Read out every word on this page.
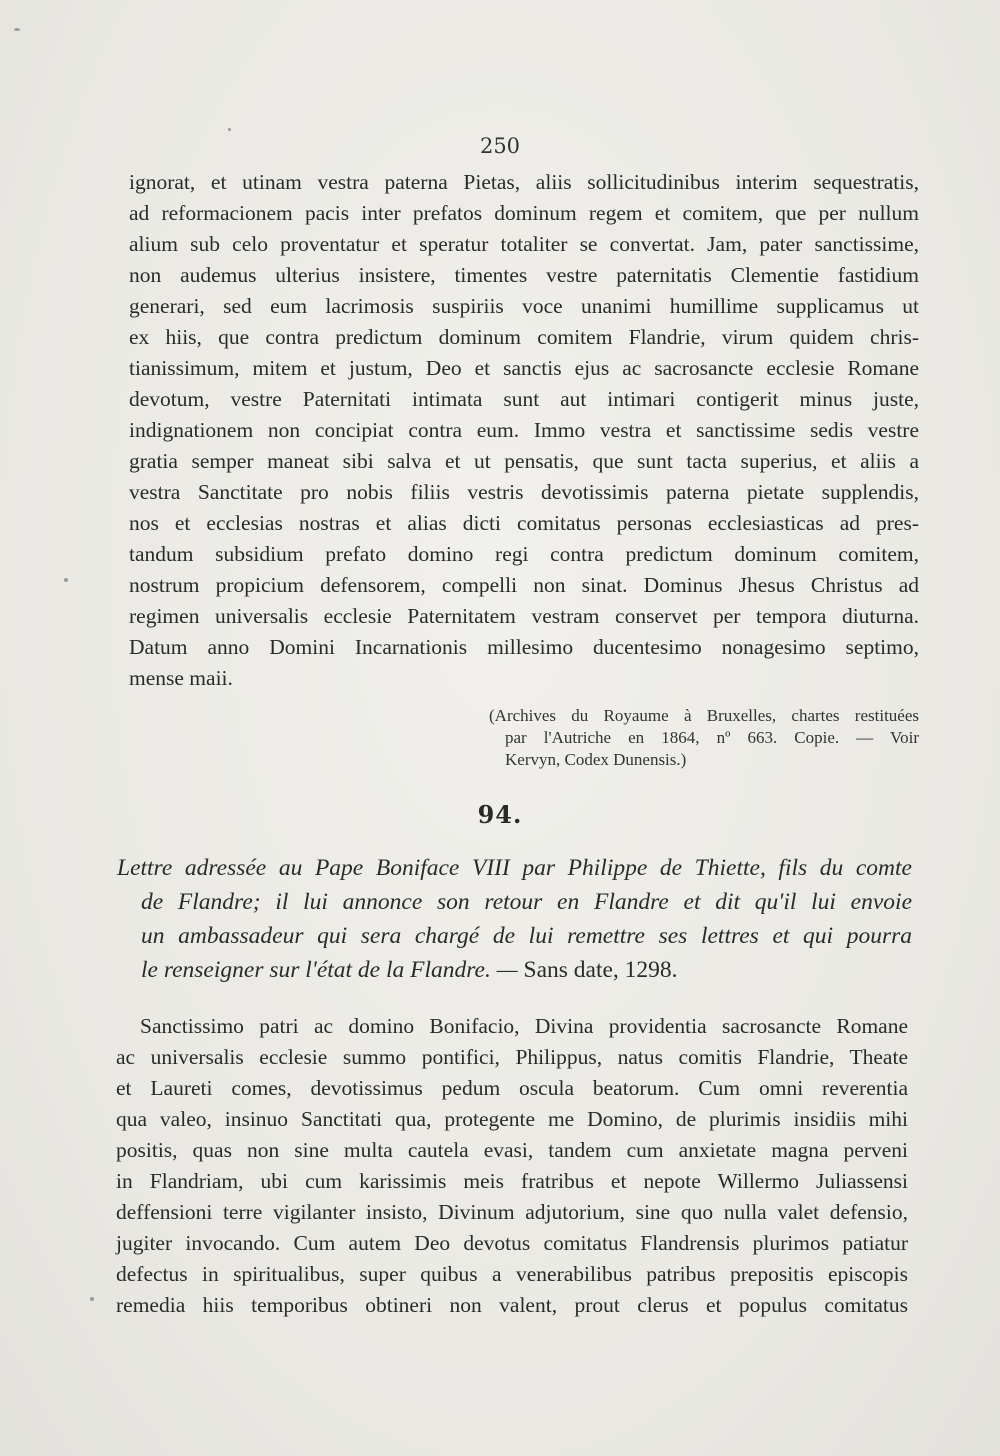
250
ignorat, et utinam vestra paterna Pietas, aliis sollicitudinibus interim sequestratis,
ad reformacionem pacis inter prefatos dominum regem et comitem, que per nullum
alium sub celo proventatur et speratur totaliter se convertat. Jam, pater sanctissime,
non audemus ulterius insistere, timentes vestre paternitatis Clementie fastidium
generari, sed eum lacrimosis suspiriis voce unanimi humillime supplicamus ut
ex hiis, que contra predictum dominum comitem Flandrie, virum quidem chris-
tianissimum, mitem et justum, Deo et sanctis ejus ac sacrosancte ecclesie Romane
devotum, vestre Paternitati intimata sunt aut intimari contigerit minus juste,
indignationem non concipiat contra eum. Immo vestra et sanctissime sedis vestre
gratia semper maneat sibi salva et ut pensatis, que sunt tacta superius, et aliis a
vestra Sanctitate pro nobis filiis vestris devotissimis paterna pietate supplendis,
nos et ecclesias nostras et alias dicti comitatus personas ecclesiasticas ad pres-
tandum subsidium prefato domino regi contra predictum dominum comitem,
nostrum propicium defensorem, compelli non sinat. Dominus Jhesus Christus ad
regimen universalis ecclesie Paternitatem vestram conservet per tempora diuturna.
Datum anno Domini Incarnationis millesimo ducentesimo nonagesimo septimo,
mense maii.
(Archives du Royaume à Bruxelles, chartes restituées
par l'Autriche en 1864, nº 663. Copie. — Voir
Kervyn, Codex Dunensis.)
94.
Lettre adressée au Pape Boniface VIII par Philippe de Thiette, fils du comte
de Flandre; il lui annonce son retour en Flandre et dit qu'il lui envoie
un ambassadeur qui sera chargé de lui remettre ses lettres et qui pourra
le renseigner sur l'état de la Flandre. — Sans date, 1298.
Sanctissimo patri ac domino Bonifacio, Divina providentia sacrosancte Romane
ac universalis ecclesie summo pontifici, Philippus, natus comitis Flandrie, Theate
et Laureti comes, devotissimus pedum oscula beatorum. Cum omni reverentia
qua valeo, insinuo Sanctitati qua, protegente me Domino, de plurimis insidiis mihi
positis, quas non sine multa cautela evasi, tandem cum anxietate magna perveni
in Flandriam, ubi cum karissimis meis fratribus et nepote Willermo Juliassensi
deffensioni terre vigilanter insisto, Divinum adjutorium, sine quo nulla valet defensio,
jugiter invocando. Cum autem Deo devotus comitatus Flandrensis plurimos patiatur
defectus in spiritualibus, super quibus a venerabilibus patribus prepositis episcopis
remedia hiis temporibus obtineri non valent, prout clerus et populus comitatus
